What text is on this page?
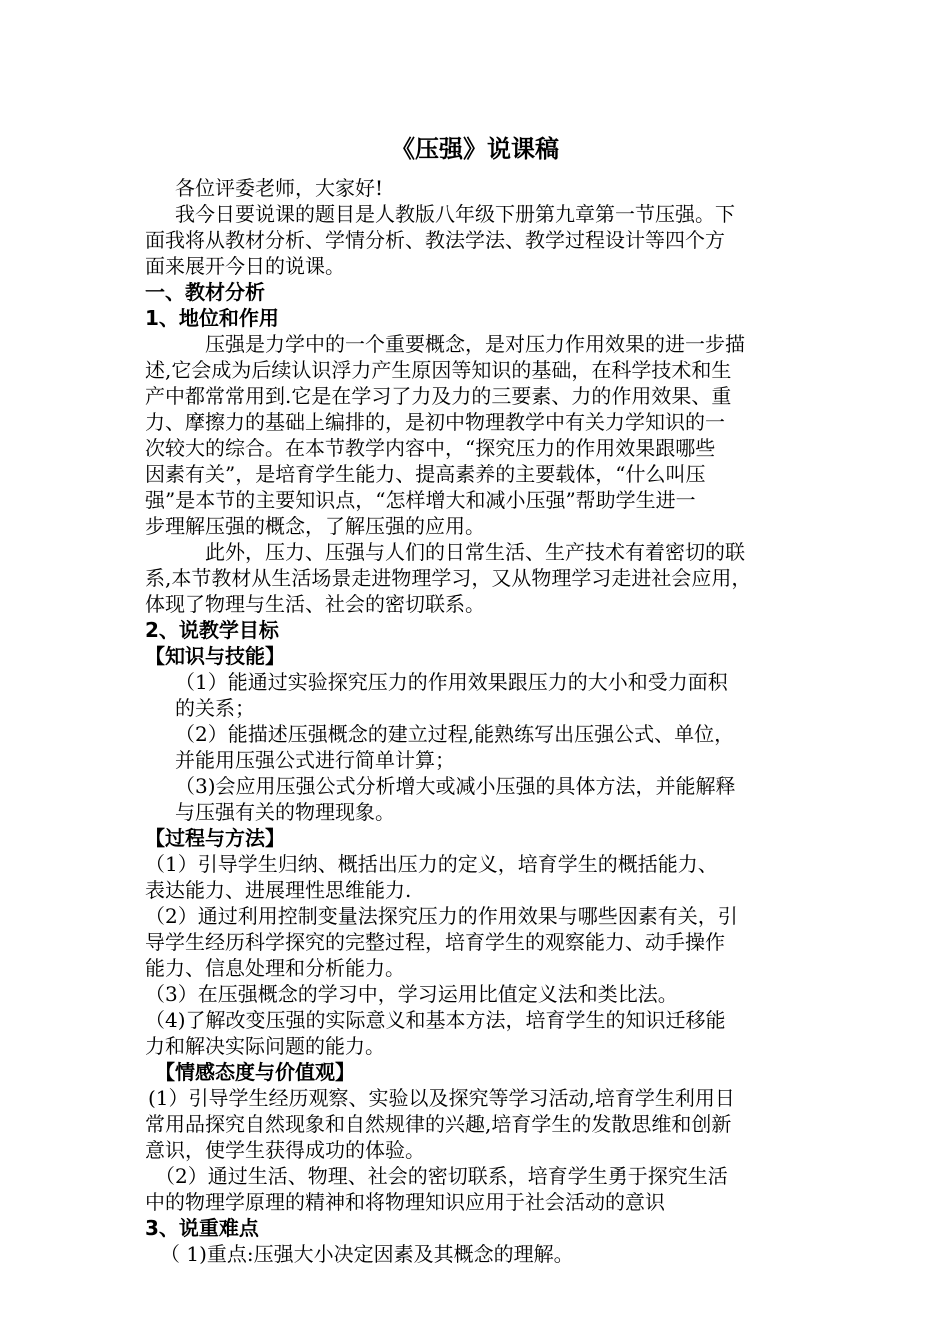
《压强》说课稿
各位评委老师，大家好!
我今日要说课的题目是人教版八年级下册第九章第一节压强。下
面我将从教材分析、学情分析、教法学法、教学过程设计等四个方
面来展开今日的说课。
一、教材分析
1、地位和作用
压强是力学中的一个重要概念，是对压力作用效果的进一步描
述,它会成为后续认识浮力产生原因等知识的基础，在科学技术和生
产中都常常用到.它是在学习了力及力的三要素、力的作用效果、重
力、摩擦力的基础上编排的，是初中物理教学中有关力学知识的一
次较大的综合。在本节教学内容中，“探究压力的作用效果跟哪些
因素有关”，是培育学生能力、提高素养的主要载体，“什么叫压
强”是本节的主要知识点，“怎样增大和减小压强”帮助学生进一
步理解压强的概念，了解压强的应用。
此外，压力、压强与人们的日常生活、生产技术有着密切的联
系,本节教材从生活场景走进物理学习，又从物理学习走进社会应用，
体现了物理与生活、社会的密切联系。
2、说教学目标
【知识与技能】
（1）能通过实验探究压力的作用效果跟压力的大小和受力面积
的关系；
（2）能描述压强概念的建立过程,能熟练写出压强公式、单位，
并能用压强公式进行简单计算；
（3)会应用压强公式分析增大或减小压强的具体方法，并能解释
与压强有关的物理现象。
【过程与方法】
（1）引导学生归纳、概括出压力的定义，培育学生的概括能力、
表达能力、进展理性思维能力.
（2）通过利用控制变量法探究压力的作用效果与哪些因素有关，引
导学生经历科学探究的完整过程，培育学生的观察能力、动手操作
能力、信息处理和分析能力。
（3）在压强概念的学习中，学习运用比值定义法和类比法。
（4)了解改变压强的实际意义和基本方法，培育学生的知识迁移能
力和解决实际问题的能力。
【情感态度与价值观】
(1）引导学生经历观察、实验以及探究等学习活动,培育学生利用日
常用品探究自然现象和自然规律的兴趣,培育学生的发散思维和创新
意识，使学生获得成功的体验。
（2）通过生活、物理、社会的密切联系，培育学生勇于探究生活
中的物理学原理的精神和将物理知识应用于社会活动的意识
3、说重难点
（ 1)重点:压强大小决定因素及其概念的理解。
